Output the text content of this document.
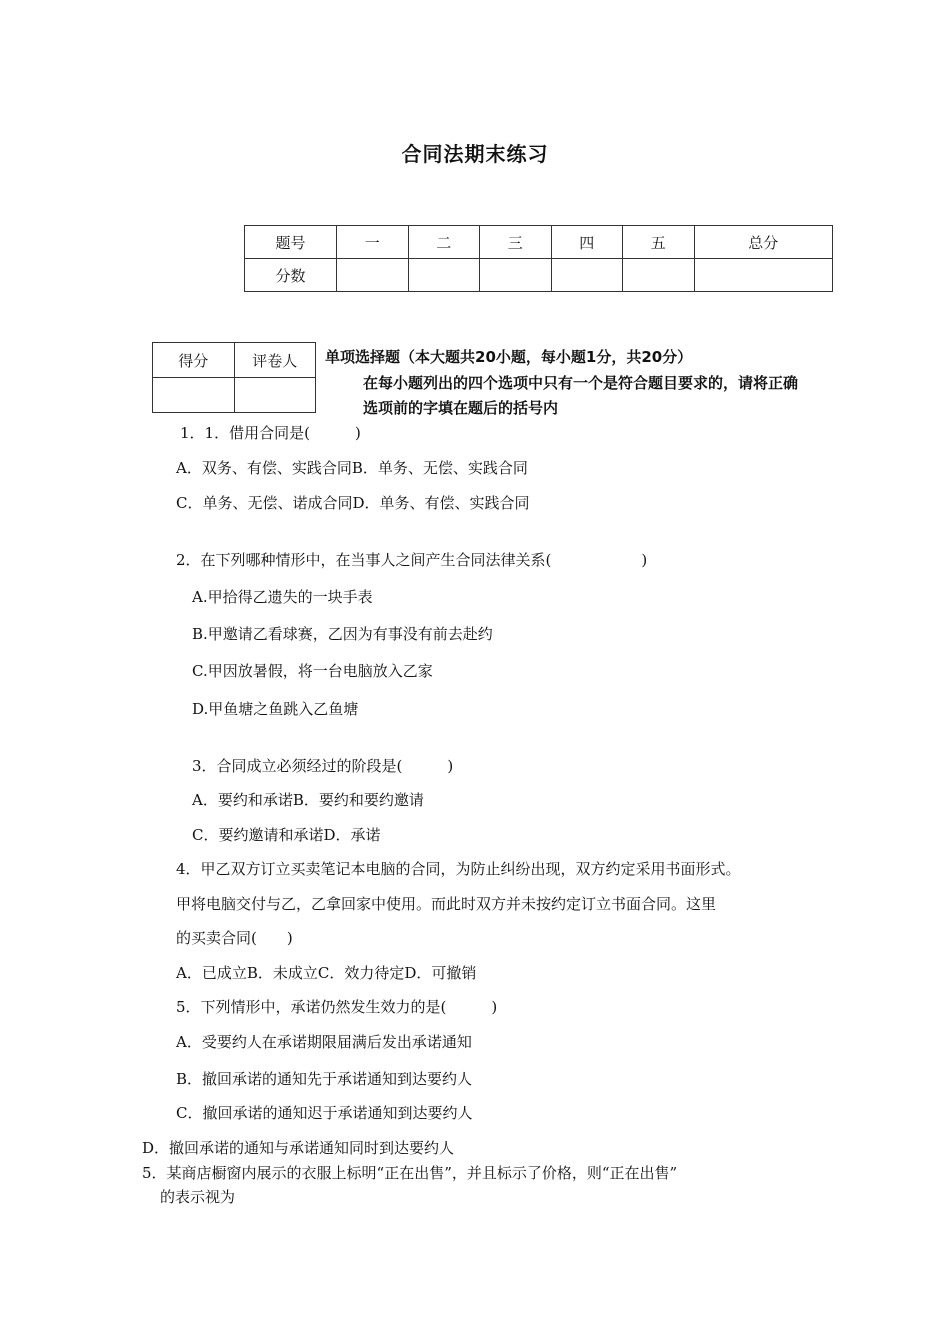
合同法期末练习
题号	一	二	三	四	五	总分
分数						
得分	评卷人
	单项选择题（本大题共20小题，每小题1分，共20分）
在每小题列出的四个选项中只有一个是符合题目要求的，请将正确
选项前的字填在题后的括号内
1．1．借用合同是(　　　)
A．双务、有偿、实践合同B．单务、无偿、实践合同
C．单务、无偿、诺成合同D．单务、有偿、实践合同
2．在下列哪种情形中，在当事人之间产生合同法律关系(　　　　　　)
A.甲拾得乙遗失的一块手表
B.甲邀请乙看球赛，乙因为有事没有前去赴约
C.甲因放暑假，将一台电脑放入乙家
D.甲鱼塘之鱼跳入乙鱼塘
3．合同成立必须经过的阶段是(　　　)
A．要约和承诺B．要约和要约邀请
C．要约邀请和承诺D．承诺
4．甲乙双方订立买卖笔记本电脑的合同，为防止纠纷出现，双方约定采用书面形式。
甲将电脑交付与乙，乙拿回家中使用。而此时双方并未按约定订立书面合同。这里
的买卖合同(　　)
A．已成立B．未成立C．效力待定D．可撤销
5．下列情形中，承诺仍然发生效力的是(　　　)
A．受要约人在承诺期限届满后发出承诺通知
B．撤回承诺的通知先于承诺通知到达要约人
C．撤回承诺的通知迟于承诺通知到达要约人
D．撤回承诺的通知与承诺通知同时到达要约人
5．某商店橱窗内展示的衣服上标明“正在出售”，并且标示了价格，则“正在出售”
的表示视为
